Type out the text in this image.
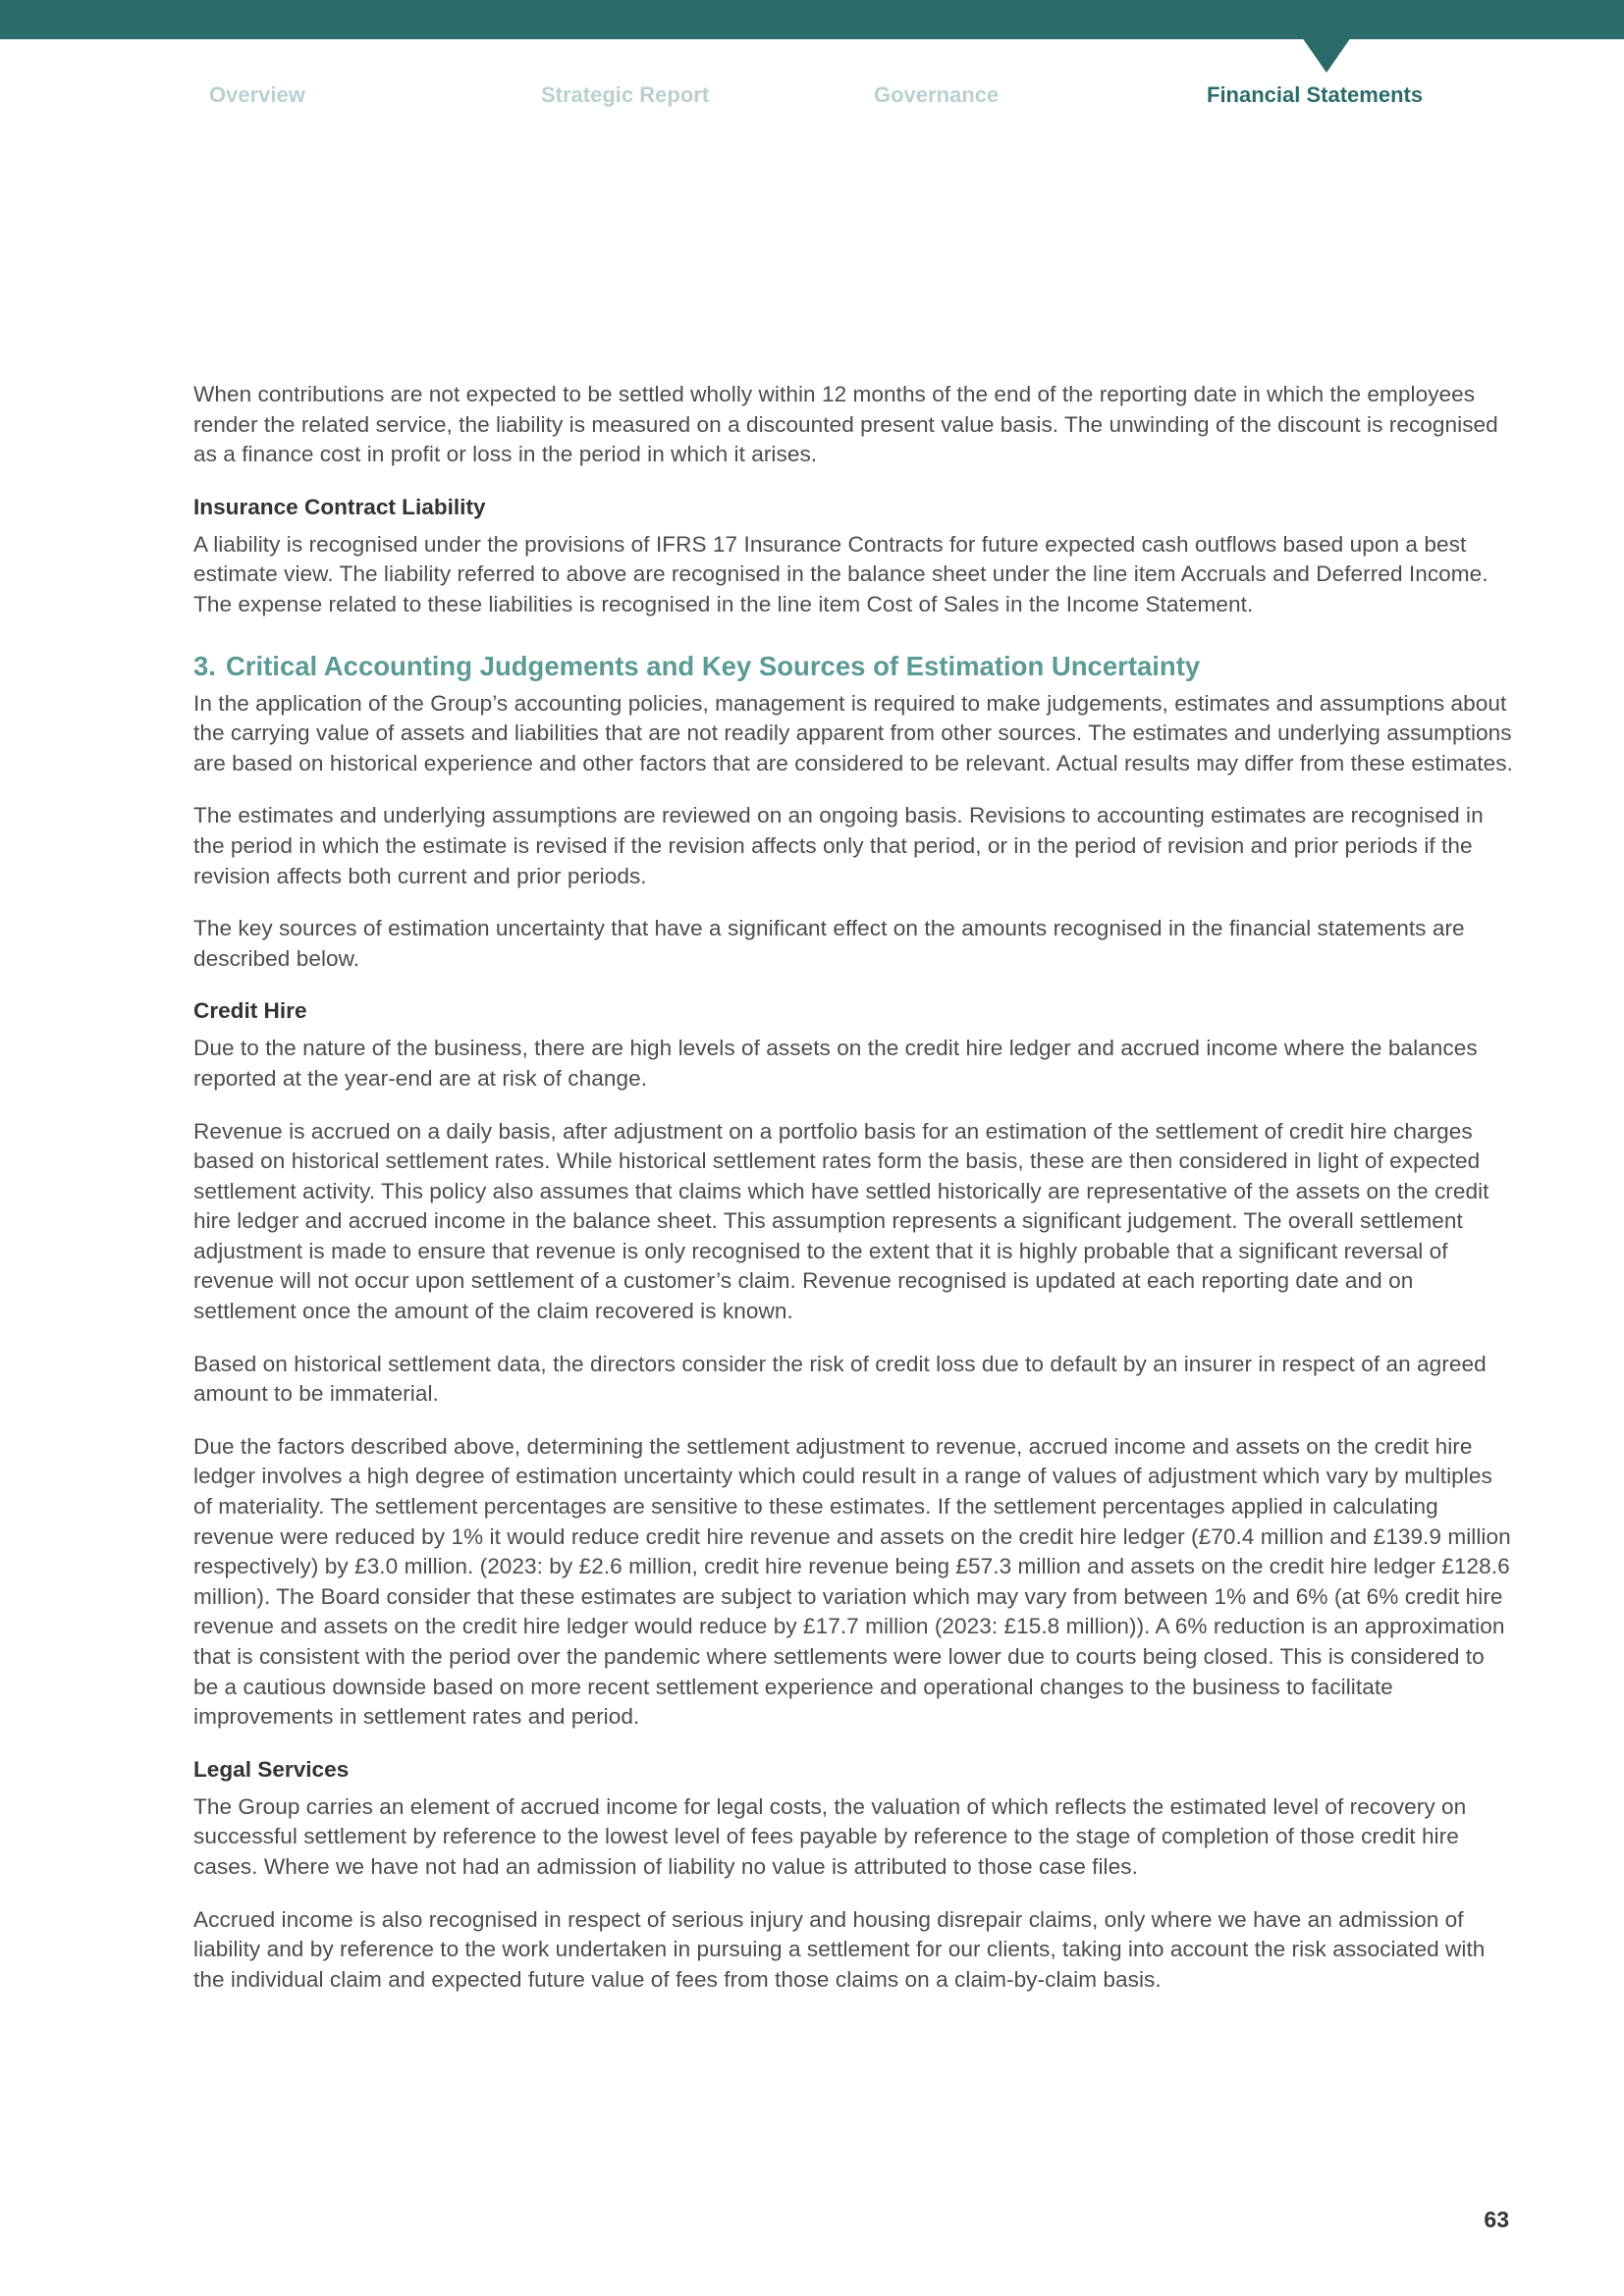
Overview	Strategic Report	Governance	Financial Statements

When contributions are not expected to be settled wholly within 12 months of the end of the reporting date in which the employees render the related service, the liability is measured on a discounted present value basis. The unwinding of the discount is recognised as a finance cost in profit or loss in the period in which it arises.

Insurance Contract Liability

A liability is recognised under the provisions of IFRS 17 Insurance Contracts for future expected cash outflows based upon a best estimate view. The liability referred to above are recognised in the balance sheet under the line item Accruals and Deferred Income. The expense related to these liabilities is recognised in the line item Cost of Sales in the Income Statement.

3. Critical Accounting Judgements and Key Sources of Estimation Uncertainty

In the application of the Group’s accounting policies, management is required to make judgements, estimates and assumptions about the carrying value of assets and liabilities that are not readily apparent from other sources. The estimates and underlying assumptions are based on historical experience and other factors that are considered to be relevant. Actual results may differ from these estimates.

The estimates and underlying assumptions are reviewed on an ongoing basis. Revisions to accounting estimates are recognised in the period in which the estimate is revised if the revision affects only that period, or in the period of revision and prior periods if the revision affects both current and prior periods.

The key sources of estimation uncertainty that have a significant effect on the amounts recognised in the financial statements are described below.

Credit Hire

Due to the nature of the business, there are high levels of assets on the credit hire ledger and accrued income where the balances reported at the year-end are at risk of change.

Revenue is accrued on a daily basis, after adjustment on a portfolio basis for an estimation of the settlement of credit hire charges based on historical settlement rates. While historical settlement rates form the basis, these are then considered in light of expected settlement activity. This policy also assumes that claims which have settled historically are representative of the assets on the credit hire ledger and accrued income in the balance sheet. This assumption represents a significant judgement. The overall settlement adjustment is made to ensure that revenue is only recognised to the extent that it is highly probable that a significant reversal of revenue will not occur upon settlement of a customer’s claim. Revenue recognised is updated at each reporting date and on settlement once the amount of the claim recovered is known.

Based on historical settlement data, the directors consider the risk of credit loss due to default by an insurer in respect of an agreed amount to be immaterial.

Due the factors described above, determining the settlement adjustment to revenue, accrued income and assets on the credit hire ledger involves a high degree of estimation uncertainty which could result in a range of values of adjustment which vary by multiples of materiality. The settlement percentages are sensitive to these estimates. If the settlement percentages applied in calculating revenue were reduced by 1% it would reduce credit hire revenue and assets on the credit hire ledger (£70.4 million and £139.9 million respectively) by £3.0 million. (2023: by £2.6 million, credit hire revenue being £57.3 million and assets on the credit hire ledger £128.6 million). The Board consider that these estimates are subject to variation which may vary from between 1% and 6% (at 6% credit hire revenue and assets on the credit hire ledger would reduce by £17.7 million (2023: £15.8 million)). A 6% reduction is an approximation that is consistent with the period over the pandemic where settlements were lower due to courts being closed. This is considered to be a cautious downside based on more recent settlement experience and operational changes to the business to facilitate improvements in settlement rates and period.

Legal Services

The Group carries an element of accrued income for legal costs, the valuation of which reflects the estimated level of recovery on successful settlement by reference to the lowest level of fees payable by reference to the stage of completion of those credit hire cases. Where we have not had an admission of liability no value is attributed to those case files.

Accrued income is also recognised in respect of serious injury and housing disrepair claims, only where we have an admission of liability and by reference to the work undertaken in pursuing a settlement for our clients, taking into account the risk associated with the individual claim and expected future value of fees from those claims on a claim-by-claim basis.

63
